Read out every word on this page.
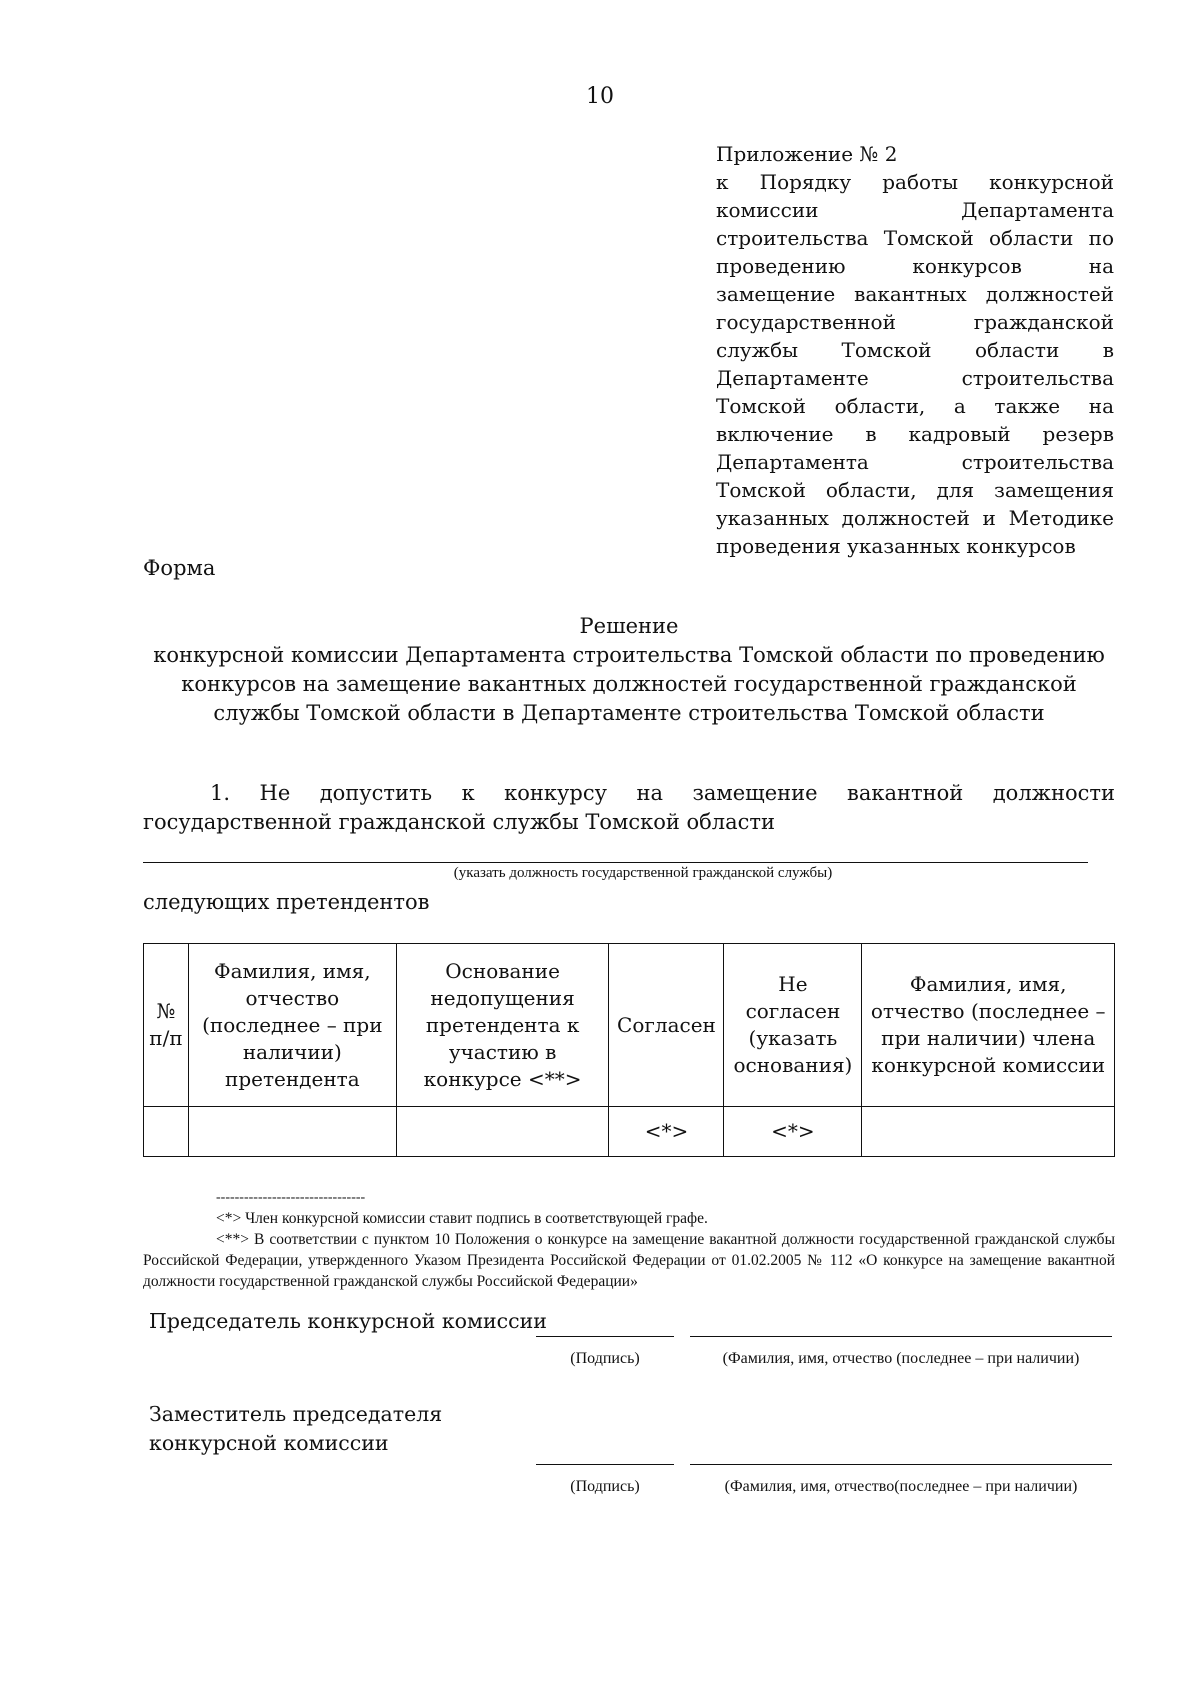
10
Приложение № 2
к Порядку работы конкурсной комиссии Департамента строительства Томской области по проведению конкурсов на замещение вакантных должностей государственной гражданской службы Томской области в Департаменте строительства Томской области, а также на включение в кадровый резерв Департамента строительства Томской области, для замещения указанных должностей и Методике проведения указанных конкурсов
Форма
Решение
конкурсной комиссии Департамента строительства Томской области по проведению конкурсов на замещение вакантных должностей государственной гражданской службы Томской области в Департаменте строительства Томской области

1. Не допустить к конкурсу на замещение вакантной должности государственной гражданской службы Томской области

(указать должность государственной гражданской службы)
следующих претендентов
№ п/п	Фамилия, имя, отчество (последнее – при наличии) претендента	Основание недопущения претендента к участию в конкурсе <**>	Согласен	Не согласен (указать основания)	Фамилия, имя, отчество (последнее – при наличии) члена конкурсной комиссии
			<*>	<*>	
--------------------------------

<*> Член конкурсной комиссии ставит подпись в соответствующей графе.

<**> В соответствии с пунктом 10 Положения о конкурсе на замещение вакантной должности государственной гражданской службы Российской Федерации, утвержденного Указом Президента Российской Федерации от 01.02.2005 № 112 «О конкурсе на замещение вакантной должности государственной гражданской службы Российской Федерации»

Председатель конкурсной комиссии
(Подпись)	(Фамилия, имя, отчество (последнее – при наличии)
Заместитель председателя
конкурсной комиссии
(Подпись)	(Фамилия, имя, отчество(последнее – при наличии)
